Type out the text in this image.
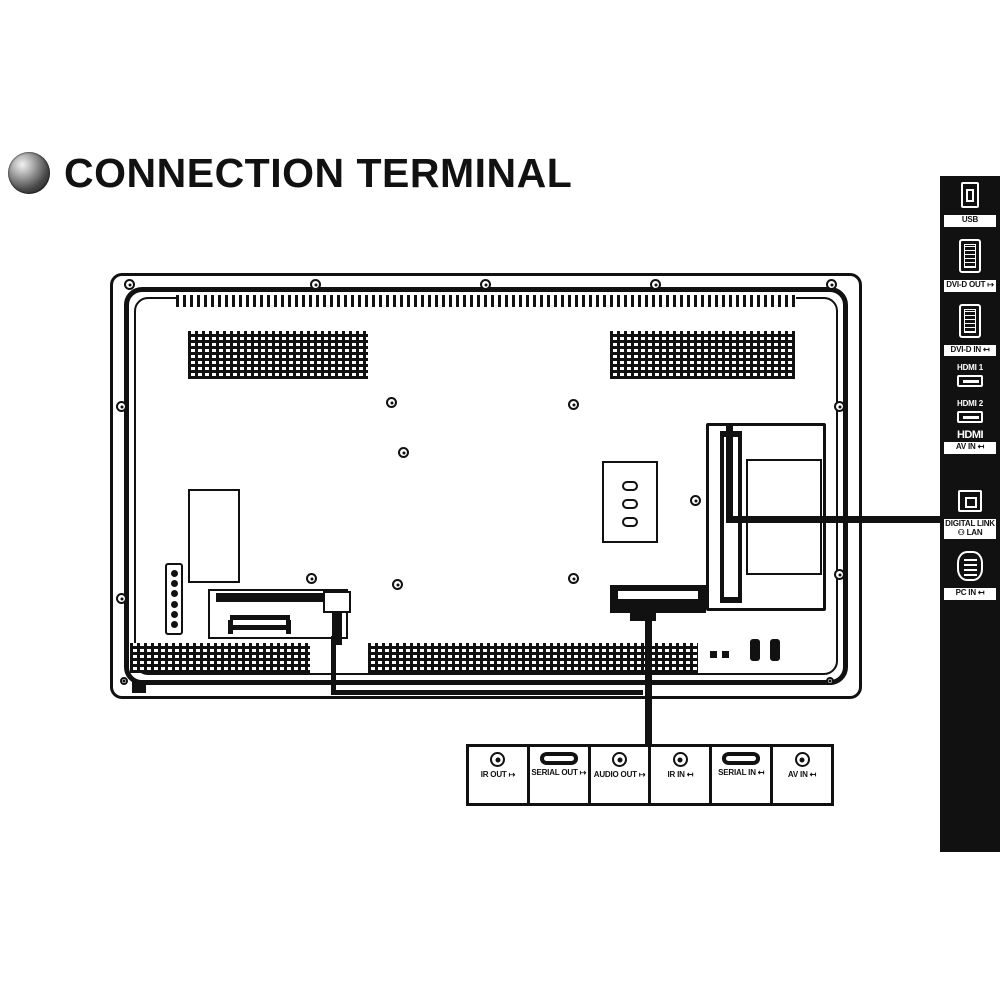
CONNECTION TERMINAL
IR OUT ↦ SERIAL OUT ↦ AUDIO OUT ↦	IR IN ↤	SERIAL IN ↤	AV IN ↤
USB
DVI-D OUT ↦
DVI-D IN ↤
HDMI 1
HDMI 2
HDMI
AV IN ↤
DIGITAL LINK ⚇ LAN
PC IN ↤
